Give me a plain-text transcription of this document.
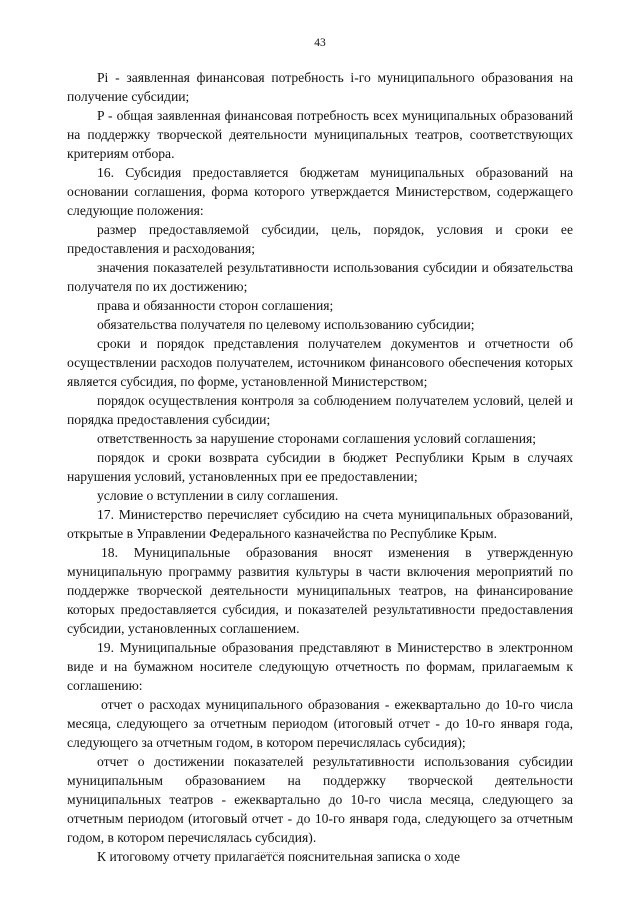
43

Pi - заявленная финансовая потребность i-го муниципального образования на получение субсидии;

P - общая заявленная финансовая потребность всех муниципальных образований на поддержку творческой деятельности муниципальных театров, соответствующих критериям отбора.

16. Субсидия предоставляется бюджетам муниципальных образований на основании соглашения, форма которого утверждается Министерством, содержащего следующие положения:

размер предоставляемой субсидии, цель, порядок, условия и сроки ее предоставления и расходования;

значения показателей результативности использования субсидии и обязательства получателя по их достижению;

права и обязанности сторон соглашения;

обязательства получателя по целевому использованию субсидии;

сроки и порядок представления получателем документов и отчетности об осуществлении расходов получателем, источником финансового обеспечения которых является субсидия, по форме, установленной Министерством;

порядок осуществления контроля за соблюдением получателем условий, целей и порядка предоставления субсидии;

ответственность за нарушение сторонами соглашения условий соглашения;

порядок и сроки возврата субсидии в бюджет Республики Крым в случаях нарушения условий, установленных при ее предоставлении;

условие о вступлении в силу соглашения.

17. Министерство перечисляет субсидию на счета муниципальных образований, открытые в Управлении Федерального казначейства по Республике Крым.

18. Муниципальные образования вносят изменения в утвержденную муниципальную программу развития культуры в части включения мероприятий по поддержке творческой деятельности муниципальных театров, на финансирование которых предоставляется субсидия, и показателей результативности предоставления субсидии, установленных соглашением.

19. Муниципальные образования представляют в Министерство в электронном виде и на бумажном носителе следующую отчетность по формам, прилагаемым к соглашению:

отчет о расходах муниципального образования - ежеквартально до 10-го числа месяца, следующего за отчетным периодом (итоговый отчет - до 10-го января года, следующего за отчетным годом, в котором перечислялась субсидия);

отчет о достижении показателей результативности использования субсидии муниципальным образованием на поддержку творческой деятельности муниципальных театров - ежеквартально до 10-го числа месяца, следующего за отчетным периодом (итоговый отчет - до 10-го января года, следующего за отчетным годом, в котором перечислялась субсидия).

К итоговому отчету прилагается пояснительная записка о ходе
